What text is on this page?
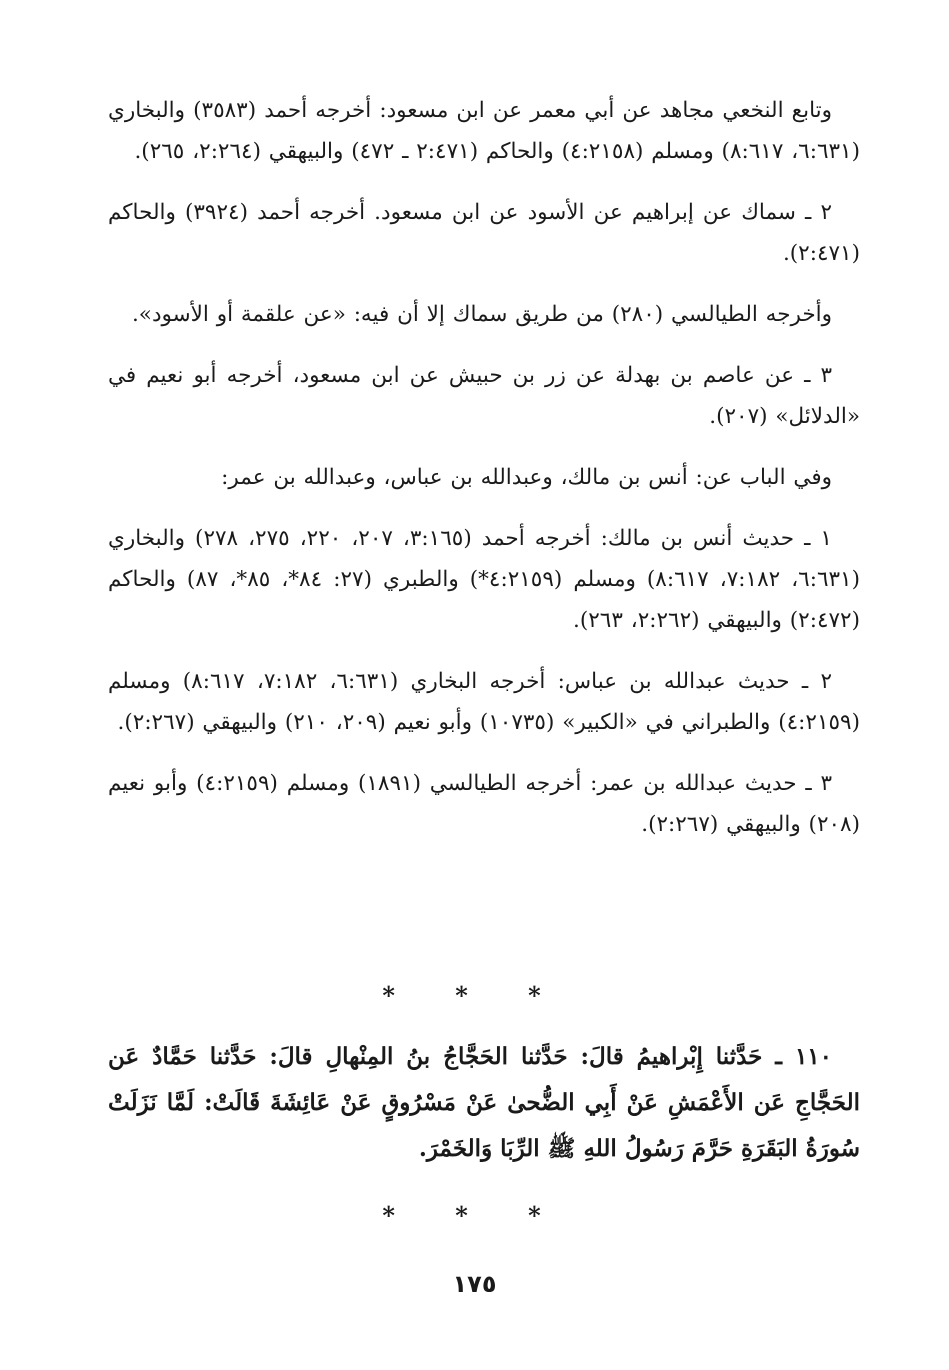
وتابع النخعي مجاهد عن أبي معمر عن ابن مسعود: أخرجه أحمد (٣٥٨٣) والبخاري (٦:٦٣١، ٨:٦١٧) ومسلم (٤:٢١٥٨) والحاكم (٢:٤٧١ ـ ٤٧٢) والبيهقي (٢:٢٦٤، ٢٦٥).

٢ ـ سماك عن إبراهيم عن الأسود عن ابن مسعود. أخرجه أحمد (٣٩٢٤) والحاكم (٢:٤٧١).

وأخرجه الطيالسي (٢٨٠) من طريق سماك إلا أن فيه: «عن علقمة أو الأسود».

٣ ـ عن عاصم بن بهدلة عن زر بن حبيش عن ابن مسعود، أخرجه أبو نعيم في «الدلائل» (٢٠٧).

وفي الباب عن: أنس بن مالك، وعبدالله بن عباس، وعبدالله بن عمر:

١ ـ حديث أنس بن مالك: أخرجه أحمد (٣:١٦٥، ٢٠٧، ٢٢٠، ٢٧٥، ٢٧٨) والبخاري (٦:٦٣١، ٧:١٨٢، ٨:٦١٧) ومسلم (٤:٢١٥٩*) والطبري (٢٧: ٨٤*، ٨٥*، ٨٧) والحاكم (٢:٤٧٢) والبيهقي (٢:٢٦٢، ٢٦٣).

٢ ـ حديث عبدالله بن عباس: أخرجه البخاري (٦:٦٣١، ٧:١٨٢، ٨:٦١٧) ومسلم (٤:٢١٥٩) والطبراني في «الكبير» (١٠٧٣٥) وأبو نعيم (٢٠٩، ٢١٠) والبيهقي (٢:٢٦٧).

٣ ـ حديث عبدالله بن عمر: أخرجه الطيالسي (١٨٩١) ومسلم (٤:٢١٥٩) وأبو نعيم (٢٠٨) والبيهقي (٢:٢٦٧).

* * *

١١٠ ـ حَدَّثنا إِبْراهيمُ قالَ: حَدَّثنا الحَجَّاجُ بنُ المِنْهالِ قالَ: حَدَّثنا حَمَّادٌ عَن الحَجَّاجِ عَن الأَعْمَشِ عَنْ أَبِي الضُّحىٰ عَنْ مَسْرُوقٍ عَنْ عَائِشَةَ قَالَتْ: لَمَّا نَزَلَتْ سُورَةُ البَقَرَةِ حَرَّمَ رَسُولُ اللهِ ﷺ الرِّبَا وَالخَمْرَ.

* * *
١٧٥
